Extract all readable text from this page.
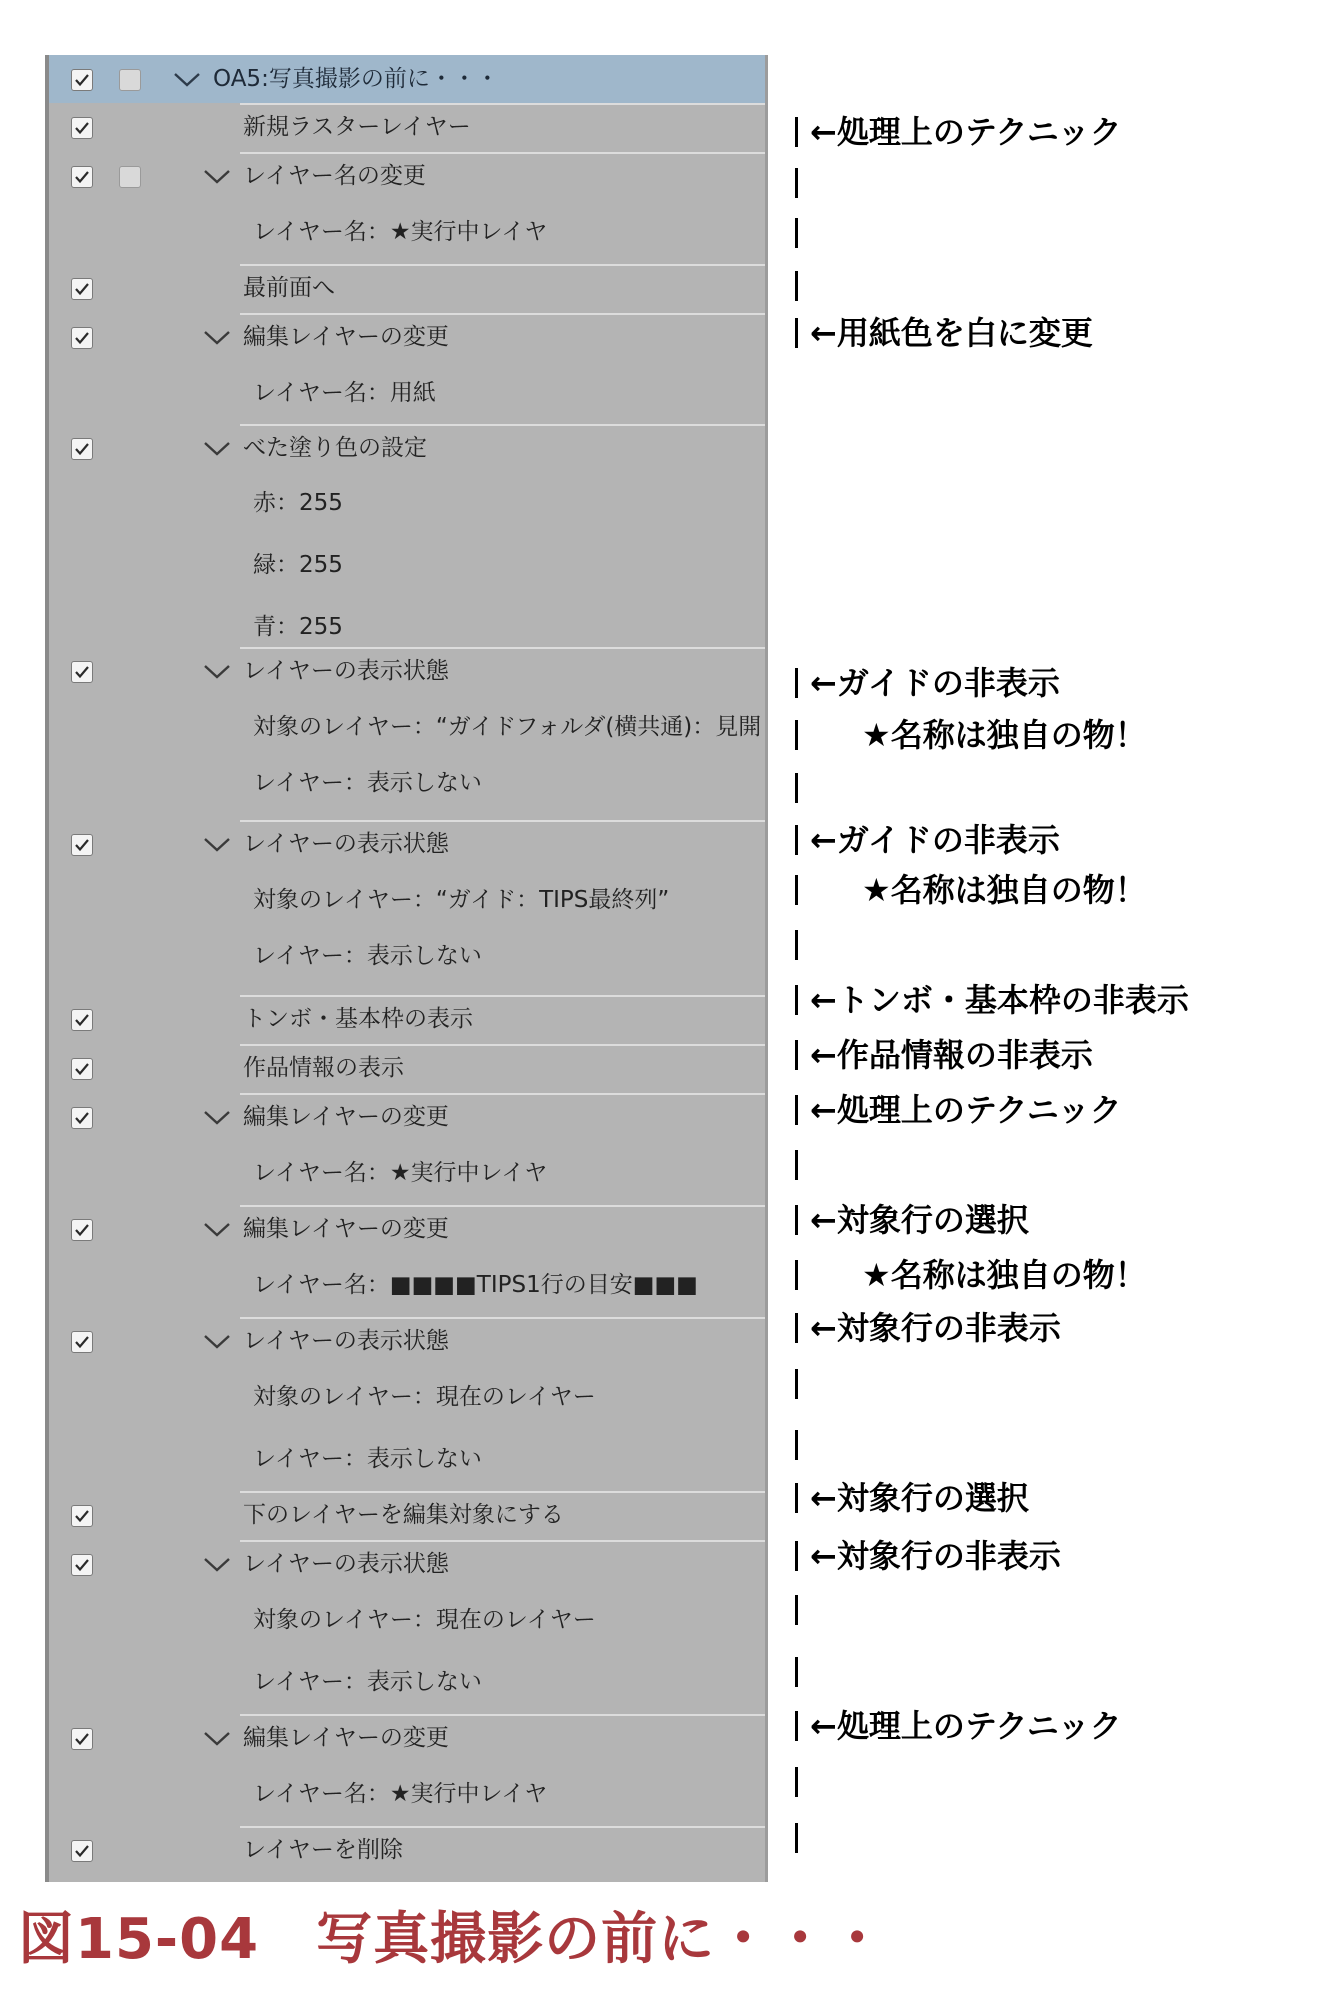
OA5:写真撮影の前に・・・
新規ラスターレイヤー
レイヤー名の変更
レイヤー名：★実行中レイヤ
最前面へ
編集レイヤーの変更
レイヤー名：用紙
べた塗り色の設定
赤：255
緑：255
青：255
レイヤーの表示状態
対象のレイヤー：“ガイドフォルダ(横共通)：見開
レイヤー：表示しない
レイヤーの表示状態
対象のレイヤー：“ガイド：TIPS最終列”
レイヤー：表示しない
トンボ・基本枠の表示
作品情報の表示
編集レイヤーの変更
レイヤー名：★実行中レイヤ
編集レイヤーの変更
レイヤー名：■■■■TIPS1行の目安■■■
レイヤーの表示状態
対象のレイヤー：現在のレイヤー
レイヤー：表示しない
下のレイヤーを編集対象にする
レイヤーの表示状態
対象のレイヤー：現在のレイヤー
レイヤー：表示しない
編集レイヤーの変更
レイヤー名：★実行中レイヤ
レイヤーを削除
図15-04　写真撮影の前に・・・
←処理上のテクニック
←用紙色を白に変更
←ガイドの非表示
★名称は独自の物！
←ガイドの非表示
★名称は独自の物！
←トンボ・基本枠の非表示
←作品情報の非表示
←処理上のテクニック
←対象行の選択
★名称は独自の物！
←対象行の非表示
←対象行の選択
←対象行の非表示
←処理上のテクニック
